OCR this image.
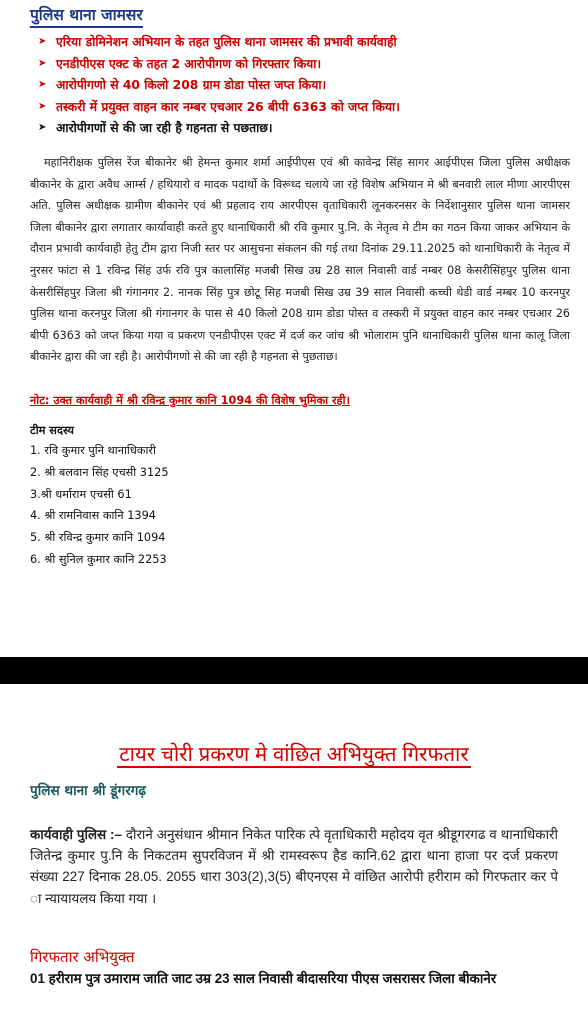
पुलिस थाना जामसर
➤ एरिया डोमिनेशन अभियान के तहत पुलिस थाना जामसर की प्रभावी कार्यवाही
➤ एनडीपीएस एक्ट के तहत 2 आरोपीगण को गिरफ्तार किया।
➤ आरोपीगणो से 40 किलो 208 ग्राम डोडा पोस्त जप्त किया।
➤ तस्करी में प्रयुक्त वाहन कार नम्बर एचआर 26 बीपी 6363 को जप्त किया।
➤ आरोपीगणों से की जा रही है गहनता से पछताछ।
महानिरीक्षक पुलिस रेंज बीकानेर श्री हेमन्त कुमार शर्मा आईपीएस एवं श्री कावेन्द्र सिंह सागर आईपीएस जिला पुलिस अधीक्षक बीकानेर के द्वारा अवैध आर्म्स / हथियारो व मादक पदार्थो के विरूध्द चलाये जा रहे विशेष अभियान मे श्री बनवारी लाल मीणा आरपीएस अति. पुलिस अधीक्षक ग्रामीण बीकानेर एवं श्री प्रहलाद राय आरपीएस वृताधिकारी लूनकरनसर के निर्देशानुसार पुलिस थाना जामसर जिला बीकानेर द्वारा लगातार कार्यावाही करते हुए थानाधिकारी श्री रवि कुमार पु.नि. के नेतृत्व मे टीम का गठन किया जाकर अभियान के दौरान प्रभावी कार्यवाही हेतु टीम द्वारा निजी स्तर पर आसुचना संकलन की गई तथा दिनांक 29.11.2025 को थानाधिकारी के नेतृत्व में नुरसर फांटा से 1 रविन्द्र सिंह उर्फ रवि पुत्र कालासिंह मजबी सिख उम्र 28 साल निवासी वार्ड नम्बर 08 केसरीसिंहपुर पुलिस थाना केसरीसिंहपुर जिला श्री गंगानगर 2. नानक सिंह पुत्र छोटू सिह मजबी सिख उम्र 39 साल निवासी कच्ची थेडी वार्ड नम्बर 10 करनपुर पुलिस थाना करनपुर जिला श्री गंगानगर के पास से 40 किलो 208 ग्राम डोडा पोस्त व तस्करी में प्रयुक्त वाहन कार नम्बर एचआर 26 बीपी 6363 को जप्त किया गया व प्रकरण एनडीपीएस एक्ट में दर्ज कर जांच श्री भोलाराम पुनि थानाधिकारी पुलिस थाना कालू जिला बीकानेर द्वारा की जा रही है। आरोपीगणो से की जा रही है गहनता से पुछताछ।
नोट: उक्त कार्यवाही में श्री रविन्द्र कुमार कानि 1094 की विशेष भुमिका रही।
टीम सदस्य
1. रवि कुमार पुनि थानाधिकारी
2. श्री बलवान सिंह एचसी 3125
3.श्री धर्माराम एचसी 61
4. श्री रामनिवास कानि 1394
5. श्री रविन्द्र कुमार कानि 1094
6. श्री सुनिल कुमार कानि 2253
टायर चोरी प्रकरण मे वांछित अभियुक्त गिरफतार
पुलिस थाना श्री डूंगरगढ़
कार्यवाही पुलिस :– दौराने अनुसंधान श्रीमान निकेत पारिक त्पे वृताधिकारी महोदय वृत श्रीडूगरगढ व थानाधिकारी जितेन्द्र कुमार पु.नि के निकटतम सुपरविजन में श्री रामस्वरूप हैड कानि.62 द्वारा थाना हाजा पर दर्ज प्रकरण संख्या 227 दिनाक 28.05. 2055 धारा 303(2),3(5) बीएनएस मे वांछित आरोपी हरीराम को गिरफतार कर पे ा न्यायायलय किया गया ।
गिरफतार अभियुक्त
01 हरीराम पुत्र उमाराम जाति जाट उम्र 23 साल निवासी बीदासरिया पीएस जसरासर जिला बीकानेर
